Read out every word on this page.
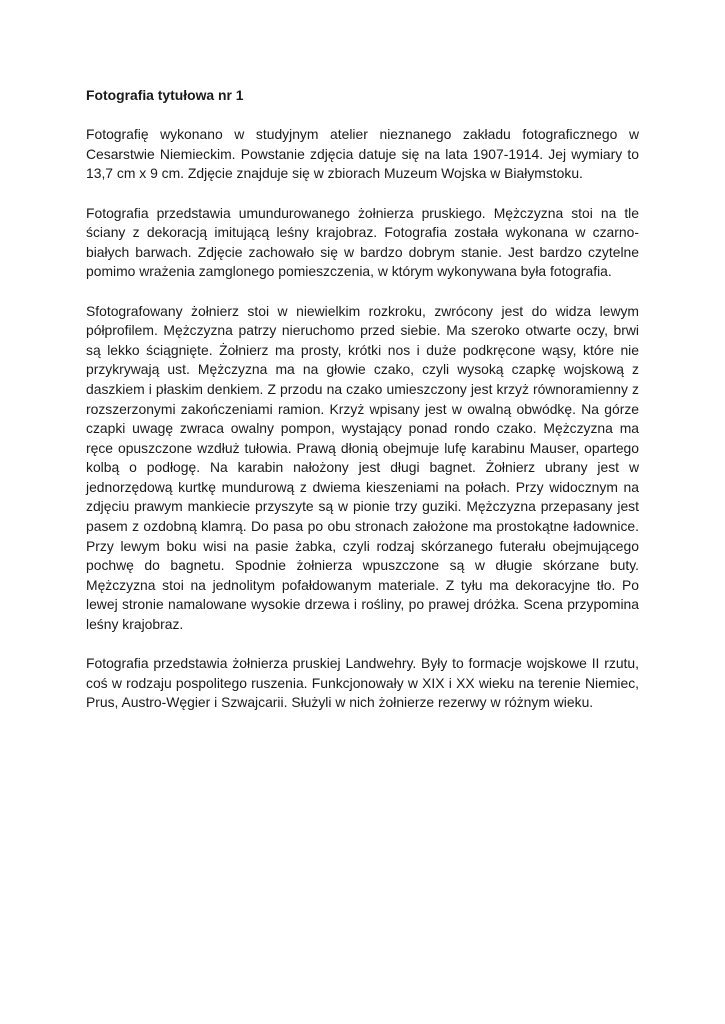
Fotografia tytułowa nr 1

Fotografię wykonano w studyjnym atelier nieznanego zakładu fotograficznego w Cesarstwie Niemieckim. Powstanie zdjęcia datuje się na lata 1907-1914. Jej wymiary to 13,7 cm x 9 cm. Zdjęcie znajduje się w zbiorach Muzeum Wojska w Białymstoku.

Fotografia przedstawia umundurowanego żołnierza pruskiego. Mężczyzna stoi na tle ściany z dekoracją imitującą leśny krajobraz. Fotografia została wykonana w czarno-białych barwach. Zdjęcie zachowało się w bardzo dobrym stanie. Jest bardzo czytelne pomimo wrażenia zamglonego pomieszczenia, w którym wykonywana była fotografia.

Sfotografowany żołnierz stoi w niewielkim rozkroku, zwrócony jest do widza lewym półprofilem. Mężczyzna patrzy nieruchomo przed siebie. Ma szeroko otwarte oczy, brwi są lekko ściągnięte. Żołnierz ma prosty, krótki nos i duże podkręcone wąsy, które nie przykrywają ust. Mężczyzna ma na głowie czako, czyli wysoką czapkę wojskową z daszkiem i płaskim denkiem. Z przodu na czako umieszczony jest krzyż równoramienny z rozszerzonymi zakończeniami ramion. Krzyż wpisany jest w owalną obwódkę. Na górze czapki uwagę zwraca owalny pompon, wystający ponad rondo czako. Mężczyzna ma ręce opuszczone wzdłuż tułowia. Prawą dłonią obejmuje lufę karabinu Mauser, opartego kolbą o podłogę. Na karabin nałożony jest długi bagnet. Żołnierz ubrany jest w jednorzędową kurtkę mundurową z dwiema kieszeniami na połach. Przy widocznym na zdjęciu prawym mankiecie przyszyte są w pionie trzy guziki. Mężczyzna przepasany jest pasem z ozdobną klamrą. Do pasa po obu stronach założone ma prostokątne ładownice. Przy lewym boku wisi na pasie żabka, czyli rodzaj skórzanego futerału obejmującego pochwę do bagnetu. Spodnie żołnierza wpuszczone są w długie skórzane buty. Mężczyzna stoi na jednolitym pofałdowanym materiale. Z tyłu ma dekoracyjne tło. Po lewej stronie namalowane wysokie drzewa i rośliny, po prawej dróżka. Scena przypomina leśny krajobraz.

Fotografia przedstawia żołnierza pruskiej Landwehry. Były to formacje wojskowe II rzutu, coś w rodzaju pospolitego ruszenia. Funkcjonowały w XIX i XX wieku na terenie Niemiec, Prus, Austro-Węgier i Szwajcarii. Służyli w nich żołnierze rezerwy w różnym wieku.
